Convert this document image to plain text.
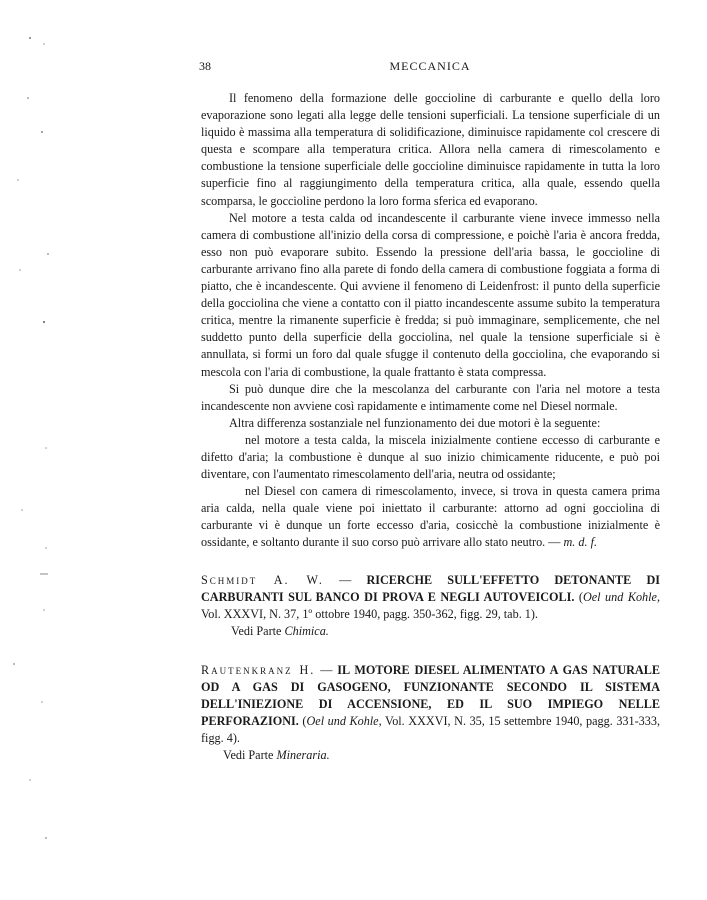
38	MECCANICA

Il fenomeno della formazione delle goccioline di carburante e quello della loro evaporazione sono legati alla legge delle tensioni superficiali. La tensione superficiale di un liquido è massima alla temperatura di solidificazione, diminuisce rapidamente col crescere di questa e scompare alla temperatura critica. Allora nella camera di rimescolamento e combustione la tensione superficiale delle goccioline diminuisce rapidamente in tutta la loro superficie fino al raggiungimento della temperatura critica, alla quale, essendo quella scomparsa, le goccioline perdono la loro forma sferica ed evaporano.

Nel motore a testa calda od incandescente il carburante viene invece immesso nella camera di combustione all'inizio della corsa di compressione, e poichè l'aria è ancora fredda, esso non può evaporare subito. Essendo la pressione dell'aria bassa, le goccioline di carburante arrivano fino alla parete di fondo della camera di combustione foggiata a forma di piatto, che è incandescente. Qui avviene il fenomeno di Leidenfrost: il punto della superficie della gocciolina che viene a contatto con il piatto incandescente assume subito la temperatura critica, mentre la rimanente superficie è fredda; si può immaginare, semplicemente, che nel suddetto punto della superficie della gocciolina, nel quale la tensione superficiale si è annullata, si formi un foro dal quale sfugge il contenuto della gocciolina, che evaporando si mescola con l'aria di combustione, la quale frattanto è stata compressa.

Si può dunque dire che la mescolanza del carburante con l'aria nel motore a testa incandescente non avviene così rapidamente e intimamente come nel Diesel normale.

Altra differenza sostanziale nel funzionamento dei due motori è la seguente:

nel motore a testa calda, la miscela inizialmente contiene eccesso di carburante e difetto d'aria; la combustione è dunque al suo inizio chimicamente riducente, e può poi diventare, con l'aumentato rimescolamento dell'aria, neutra od ossidante;

nel Diesel con camera di rimescolamento, invece, si trova in questa camera prima aria calda, nella quale viene poi iniettato il carburante: attorno ad ogni gocciolina di carburante vi è dunque un forte eccesso d'aria, cosicchè la combustione inizialmente è ossidante, e soltanto durante il suo corso può arrivare allo stato neutro. — m. d. f.

Schmidt A. W. — RICERCHE SULL'EFFETTO DETONANTE DI CARBURANTI SUL BANCO DI PROVA E NEGLI AUTOVEICOLI. (Oel und Kohle, Vol. XXXVI, N. 37, 1º ottobre 1940, pagg. 350-362, figg. 29, tab. 1).

Vedi Parte Chimica.

Rautenkranz H. — IL MOTORE DIESEL ALIMENTATO A GAS NATURALE OD A GAS DI GASOGENO, FUNZIONANTE SECONDO IL SISTEMA DELL'INIEZIONE DI ACCENSIONE, ED IL SUO IMPIEGO NELLE PERFORAZIONI. (Oel und Kohle, Vol. XXXVI, N. 35, 15 settembre 1940, pagg. 331-333, figg. 4).

Vedi Parte Mineraria.
